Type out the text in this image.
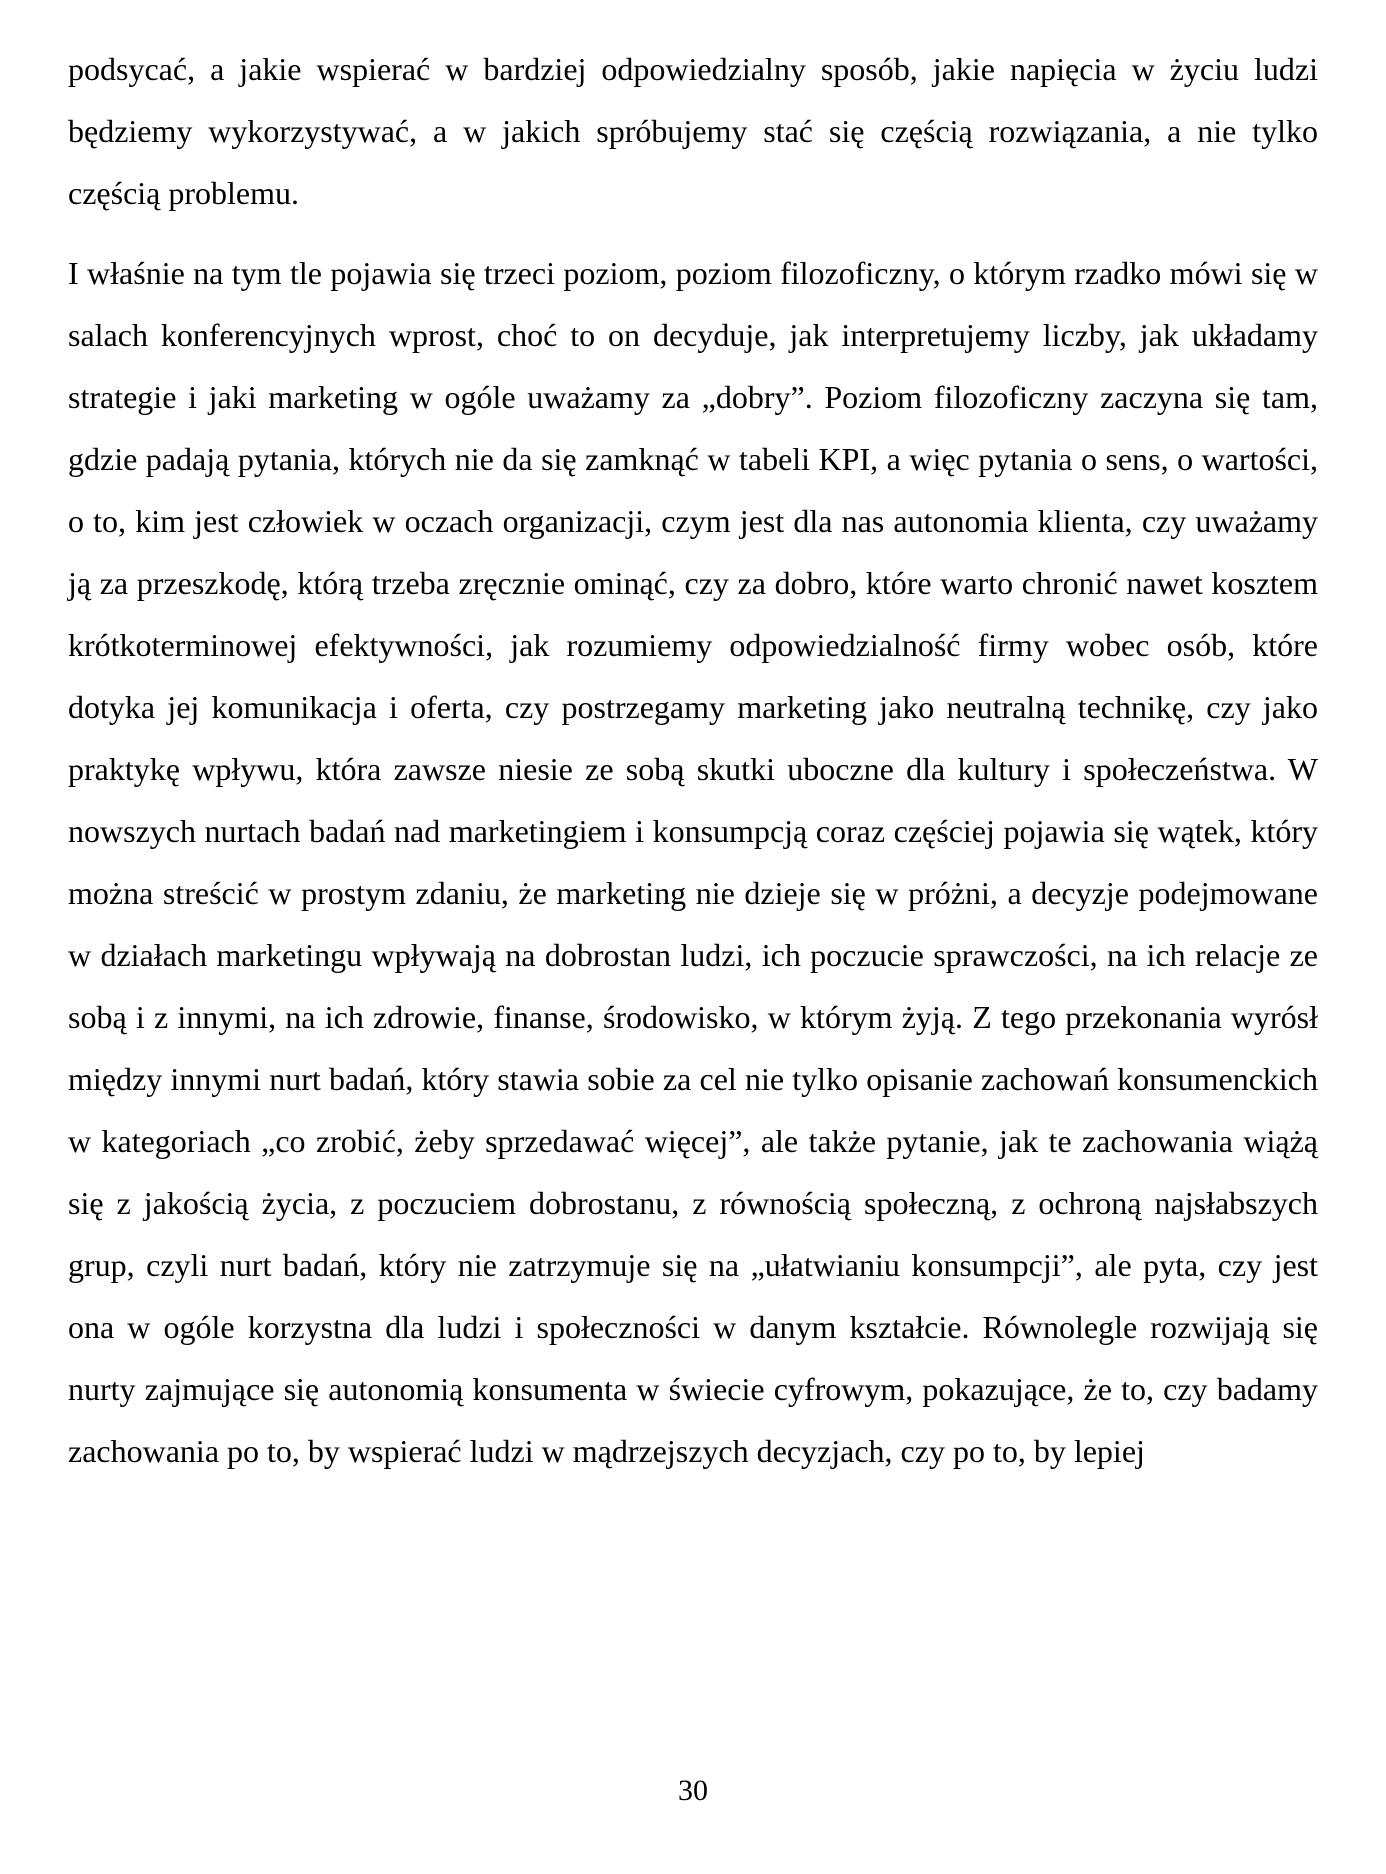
podsycać, a jakie wspierać w bardziej odpowiedzialny sposób, jakie napięcia w życiu ludzi będziemy wykorzystywać, a w jakich spróbujemy stać się częścią rozwiązania, a nie tylko częścią problemu.

I właśnie na tym tle pojawia się trzeci poziom, poziom filozoficzny, o którym rzadko mówi się w salach konferencyjnych wprost, choć to on decyduje, jak interpretujemy liczby, jak układamy strategie i jaki marketing w ogóle uważamy za „dobry”. Poziom filozoficzny zaczyna się tam, gdzie padają pytania, których nie da się zamknąć w tabeli KPI, a więc pytania o sens, o wartości, o to, kim jest człowiek w oczach organizacji, czym jest dla nas autonomia klienta, czy uważamy ją za przeszkodę, którą trzeba zręcznie ominąć, czy za dobro, które warto chronić nawet kosztem krótkoterminowej efektywności, jak rozumiemy odpowiedzialność firmy wobec osób, które dotyka jej komunikacja i oferta, czy postrzegamy marketing jako neutralną technikę, czy jako praktykę wpływu, która zawsze niesie ze sobą skutki uboczne dla kultury i społeczeństwa. W nowszych nurtach badań nad marketingiem i konsumpcją coraz częściej pojawia się wątek, który można streścić w prostym zdaniu, że marketing nie dzieje się w próżni, a decyzje podejmowane w działach marketingu wpływają na dobrostan ludzi, ich poczucie sprawczości, na ich relacje ze sobą i z innymi, na ich zdrowie, finanse, środowisko, w którym żyją. Z tego przekonania wyrósł między innymi nurt badań, który stawia sobie za cel nie tylko opisanie zachowań konsumenckich w kategoriach „co zrobić, żeby sprzedawać więcej”, ale także pytanie, jak te zachowania wiążą się z jakością życia, z poczuciem dobrostanu, z równością społeczną, z ochroną najsłabszych grup, czyli nurt badań, który nie zatrzymuje się na „ułatwianiu konsumpcji”, ale pyta, czy jest ona w ogóle korzystna dla ludzi i społeczności w danym kształcie. Równolegle rozwijają się nurty zajmujące się autonomią konsumenta w świecie cyfrowym, pokazujące, że to, czy badamy zachowania po to, by wspierać ludzi w mądrzejszych decyzjach, czy po to, by lepiej

30
